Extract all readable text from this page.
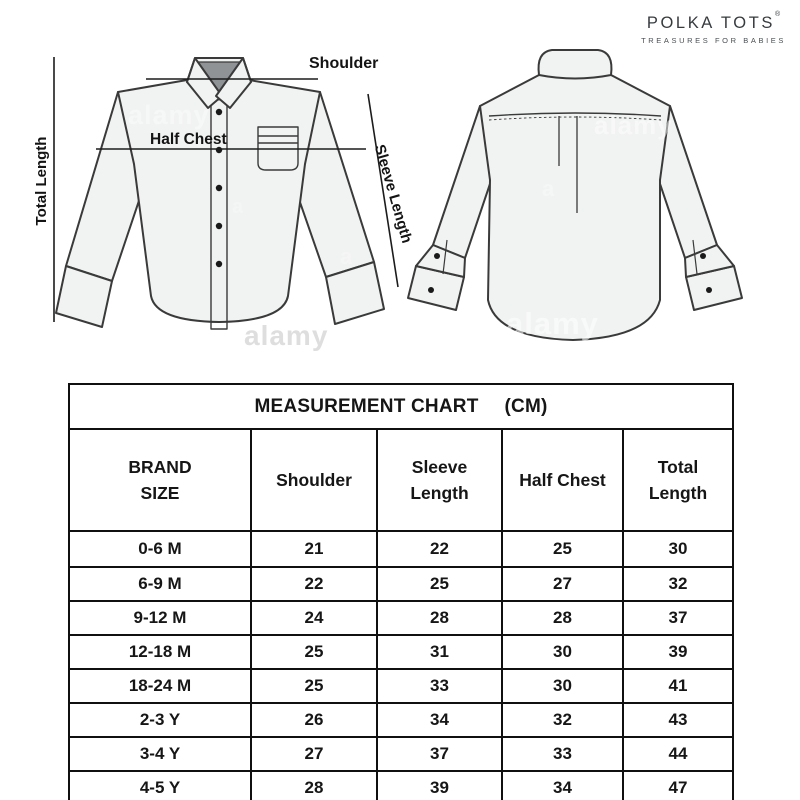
Shoulder
Half Chest
Total Length	Sleeve Length
alamy	alamy
alamy
alamy
a
a
a
POLKA TOTS®
TREASURES FOR BABIES
MEASUREMENT CHART (CM)				
BRAND SIZE	Shoulder	Sleeve Length	Half Chest	Total Length
0-6 M	21	22	25	30
6-9 M	22	25	27	32
9-12 M	24	28	28	37
12-18 M	25	31	30	39
18-24 M	25	33	30	41
2-3 Y	26	34	32	43
3-4 Y	27	37	33	44
4-5 Y	28	39	34	47
